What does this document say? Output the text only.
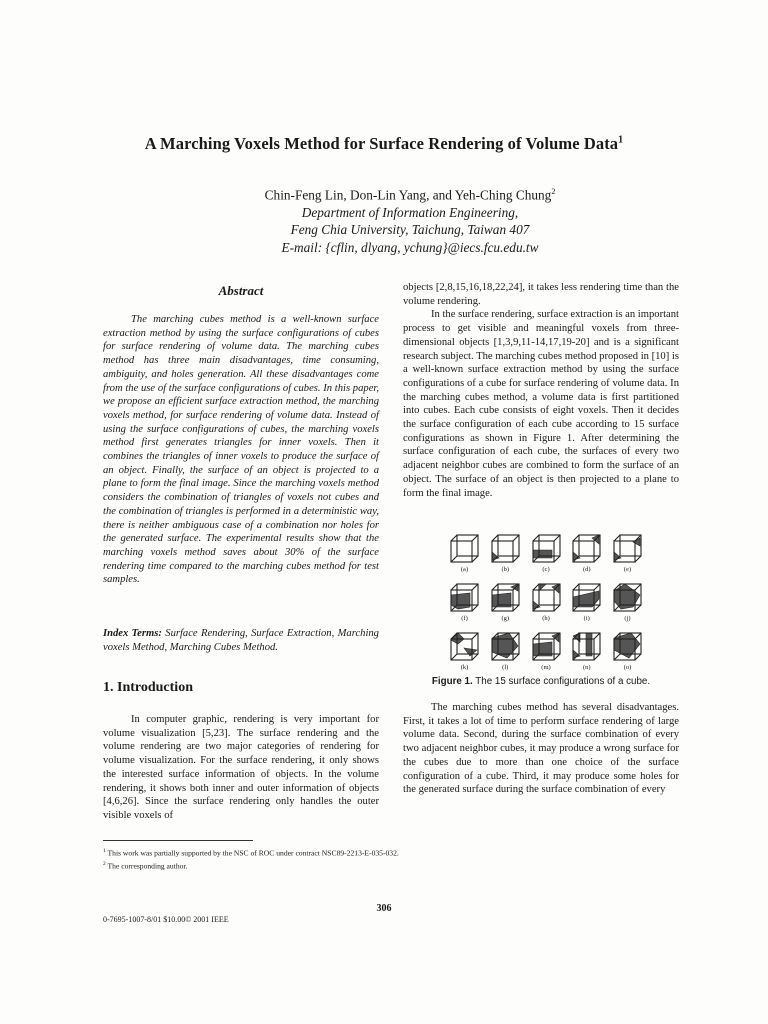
A Marching Voxels Method for Surface Rendering of Volume Data$^1$
Chin-Feng Lin, Don-Lin Yang, and Yeh-Ching Chung$^2$
Department of Information Engineering,
Feng Chia University, Taichung, Taiwan 407
E-mail: {cflin, dlyang, ychung}@iecs.fcu.edu.tw
Abstract

The marching cubes method is a well-known surface extraction method by using the surface configurations of cubes for surface rendering of volume data. The marching cubes method has three main disadvantages, time consuming, ambiguity, and holes generation. All these disadvantages come from the use of the surface configurations of cubes. In this paper, we propose an efficient surface extraction method, the marching voxels method, for surface rendering of volume data. Instead of using the surface configurations of cubes, the marching voxels method first generates triangles for inner voxels. Then it combines the triangles of inner voxels to produce the surface of an object. Finally, the surface of an object is projected to a plane to form the final image. Since the marching voxels method considers the combination of triangles of voxels not cubes and the combination of triangles is performed in a deterministic way, there is neither ambiguous case of a combination nor holes for the generated surface. The experimental results show that the marching voxels method saves about 30% of the surface rendering time compared to the marching cubes method for test samples.

Index Terms: Surface Rendering, Surface Extraction, Marching voxels Method, Marching Cubes Method.

1. Introduction

In computer graphic, rendering is very important for volume visualization [5,23]. The surface rendering and the volume rendering are two major categories of rendering for volume visualization. For the surface rendering, it only shows the interested surface information of objects. In the volume rendering, it shows both inner and outer information of objects [4,6,26]. Since the surface rendering only handles the outer visible voxels of

objects [2,8,15,16,18,22,24], it takes less rendering time than the volume rendering.

In the surface rendering, surface extraction is an important process to get visible and meaningful voxels from three-dimensional objects [1,3,9,11-14,17,19-20] and is a significant research subject. The marching cubes method proposed in [10] is a well-known surface extraction method by using the surface configurations of a cube for surface rendering of volume data. In the marching cubes method, a volume data is first partitioned into cubes. Each cube consists of eight voxels. Then it decides the surface configuration of each cube according to 15 surface configurations as shown in Figure 1. After determining the surface configuration of each cube, the surfaces of every two adjacent neighbor cubes are combined to form the surface of an object. The surface of an object is then projected to a plane to form the final image.

(a)	(b)	(c)	(d)	(e)
(f)	(g)	(h)	(i)	(j)
(k)	(l)	(m)	(n)	(o)
Figure 1. The 15 surface configurations of a cube.

The marching cubes method has several disadvantages. First, it takes a lot of time to perform surface rendering of large volume data. Second, during the surface combination of every two adjacent neighbor cubes, it may produce a wrong surface for the cubes due to more than one choice of the surface configuration of a cube. Third, it may produce some holes for the generated surface during the surface combination of every

$^1$ This work was partially supported by the NSC of ROC under contract NSC89-2213-E-035-032.
$^2$ The corresponding author.
306
0-7695-1007-8/01 $10.00© 2001 IEEE
